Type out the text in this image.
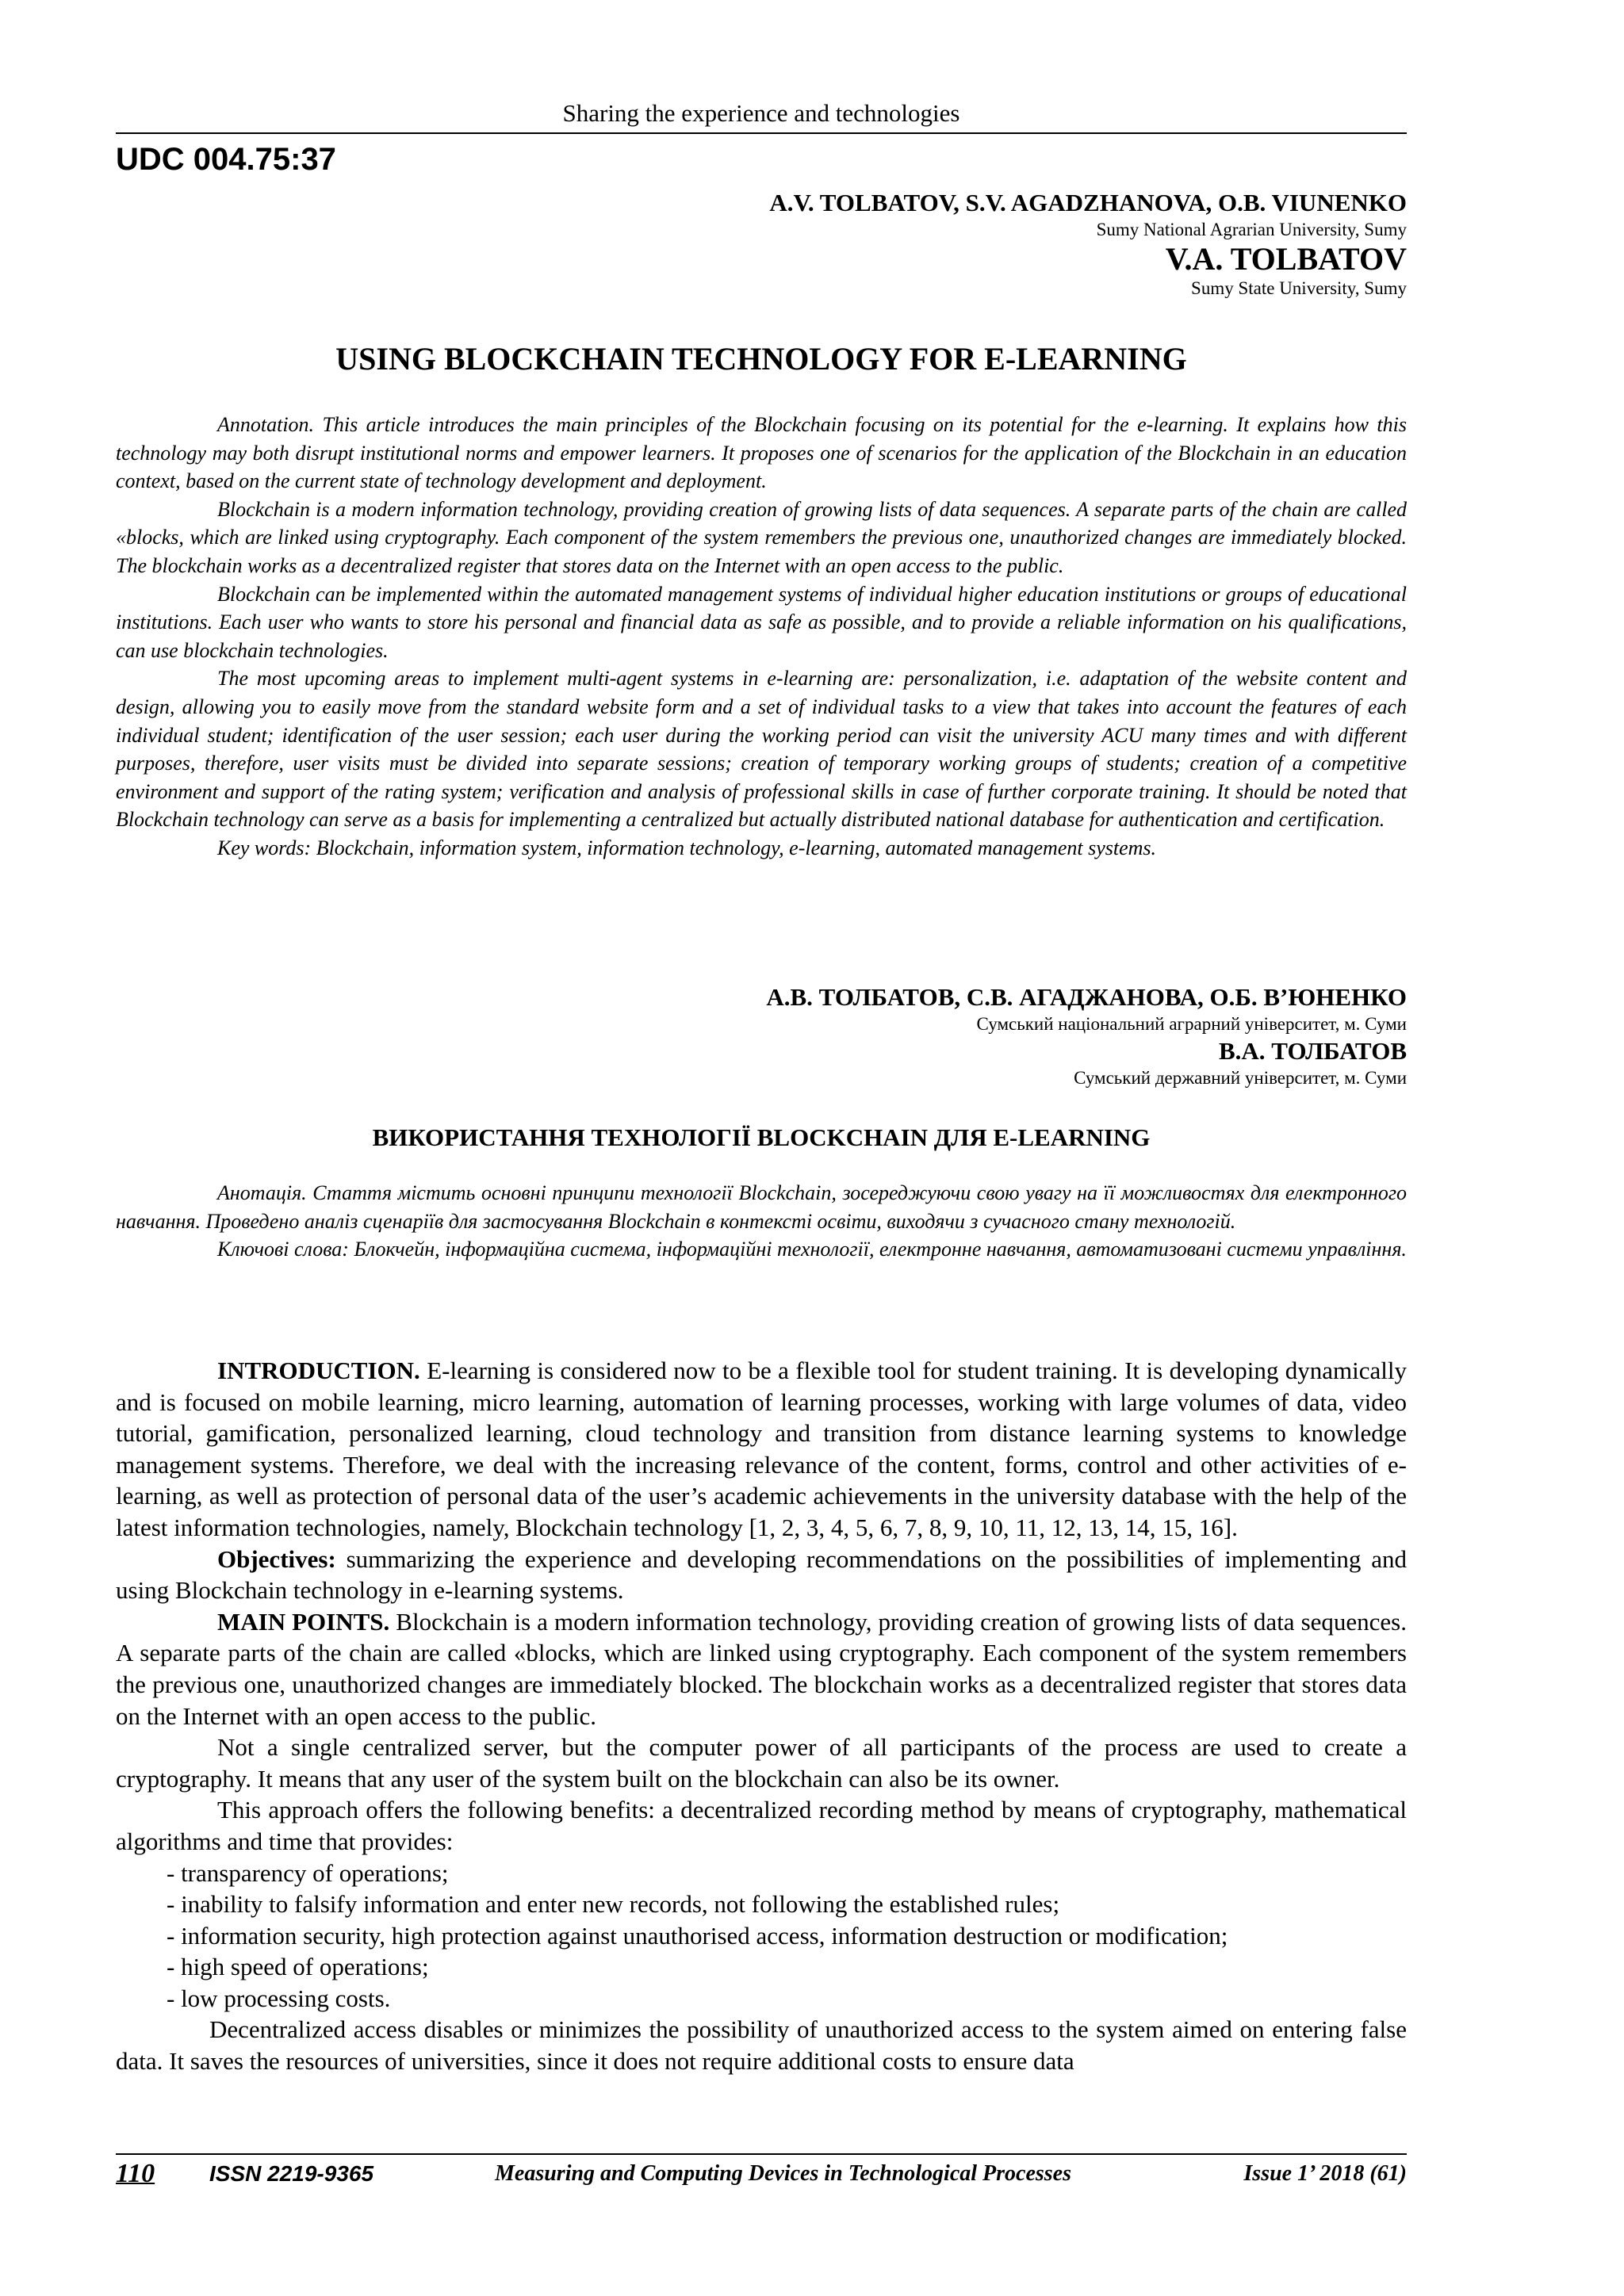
Sharing the experience and technologies
UDC 004.75:37
A.V. TOLBATOV, S.V. AGADZHANOVA, O.B. VIUNENKO
Sumy National Agrarian University, Sumy
V.A. TOLBATOV
Sumy State University, Sumy
USING BLOCKCHAIN TECHNOLOGY FOR E-LEARNING

Annotation. This article introduces the main principles of the Blockchain focusing on its potential for the e-learning. It explains how this technology may both disrupt institutional norms and empower learners. It proposes one of scenarios for the application of the Blockchain in an education context, based on the current state of technology development and deployment.

Blockchain is a modern information technology, providing creation of growing lists of data sequences. A separate parts of the chain are called «blocks, which are linked using cryptography. Each component of the system remembers the previous one, unauthorized changes are immediately blocked. The blockchain works as a decentralized register that stores data on the Internet with an open access to the public.

Blockchain can be implemented within the automated management systems of individual higher education institutions or groups of educational institutions. Each user who wants to store his personal and financial data as safe as possible, and to provide a reliable information on his qualifications, can use blockchain technologies.

The most upcoming areas to implement multi-agent systems in e-learning are: personalization, i.e. adaptation of the website content and design, allowing you to easily move from the standard website form and a set of individual tasks to a view that takes into account the features of each individual student; identification of the user session; each user during the working period can visit the university ACU many times and with different purposes, therefore, user visits must be divided into separate sessions; creation of temporary working groups of students; creation of a competitive environment and support of the rating system; verification and analysis of professional skills in case of further corporate training. It should be noted that Blockchain technology can serve as a basis for implementing a centralized but actually distributed national database for authentication and certification.

Key words: Blockchain, information system, information technology, e-learning, automated management systems.

А.В. ТОЛБАТОВ, С.В. АГАДЖАНОВА, О.Б. В’ЮНЕНКО
Сумський національний аграрний університет, м. Суми
В.А. ТОЛБАТОВ
Сумський державний університет, м. Суми
ВИКОРИСТАННЯ ТЕХНОЛОГІЇ BLOCKCHAIN ДЛЯ E-LEARNING

Анотація. Стаття містить основні принципи технології Blockchain, зосереджуючи свою увагу на її можливостях для електронного навчання. Проведено аналіз сценаріїв для застосування Blockchain в контексті освіти, виходячи з сучасного стану технологій.

Ключові слова: Блокчейн, інформаційна система, інформаційні технології, електронне навчання, автоматизовані системи управління.

INTRODUCTION. E-learning is considered now to be a flexible tool for student training. It is developing dynamically and is focused on mobile learning, micro learning, automation of learning processes, working with large volumes of data, video tutorial, gamification, personalized learning, cloud technology and transition from distance learning systems to knowledge management systems. Therefore, we deal with the increasing relevance of the content, forms, control and other activities of e-learning, as well as protection of personal data of the user’s academic achievements in the university database with the help of the latest information technologies, namely, Blockchain technology [1, 2, 3, 4, 5, 6, 7, 8, 9, 10, 11, 12, 13, 14, 15, 16].

Objectives: summarizing the experience and developing recommendations on the possibilities of implementing and using Blockchain technology in e-learning systems.

MAIN POINTS. Blockchain is a modern information technology, providing creation of growing lists of data sequences. A separate parts of the chain are called «blocks, which are linked using cryptography. Each component of the system remembers the previous one, unauthorized changes are immediately blocked. The blockchain works as a decentralized register that stores data on the Internet with an open access to the public.

Not a single centralized server, but the computer power of all participants of the process are used to create a cryptography. It means that any user of the system built on the blockchain can also be its owner.

This approach offers the following benefits: a decentralized recording method by means of cryptography, mathematical algorithms and time that provides:

- transparency of operations;

- inability to falsify information and enter new records, not following the established rules;

- information security, high protection against unauthorised access, information destruction or modification;

- high speed of operations;

- low processing costs.

Decentralized access disables or minimizes the possibility of unauthorized access to the system aimed on entering false data. It saves the resources of universities, since it does not require additional costs to ensure data

110 ISSN 2219-9365	Measuring and Computing Devices in Technological Processes	Issue 1’ 2018 (61)
